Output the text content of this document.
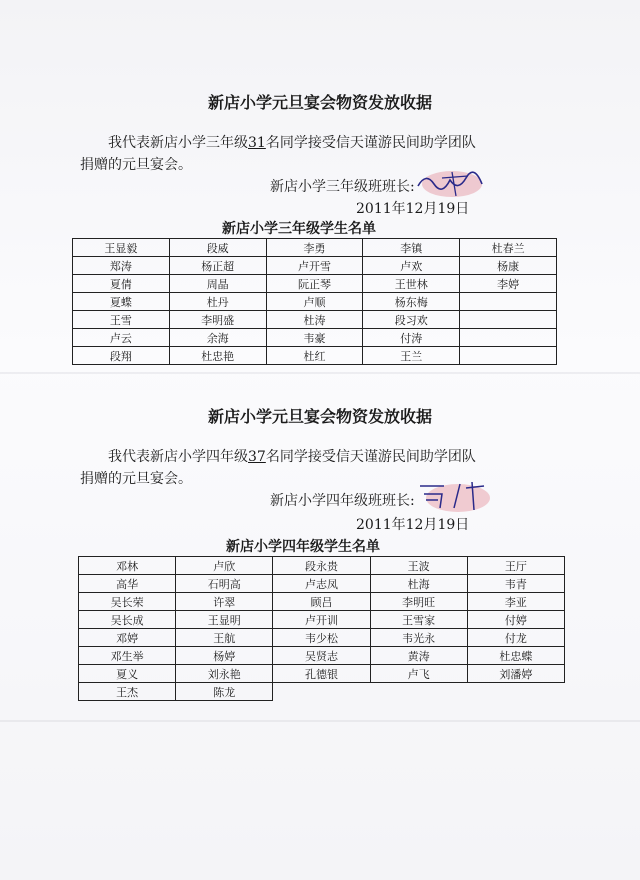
新店小学元旦宴会物资发放收据
我代表新店小学三年级31名同学接受信天谨游民间助学团队
捐赠的元旦宴会。
新店小学三年级班班长:
2011年12月19日
新店小学三年级学生名单
王显毅	段威	李勇	李镇	杜春兰
郑涛	杨正超	卢开雪	卢欢	杨康
夏倩	周晶	阮正琴	王世林	李婷
夏蝶	杜丹	卢顺	杨东梅	
王雪	李明盛	杜涛	段习欢	
卢云	余海	韦豪	付涛	
段翔	杜忠艳	杜红	王兰	
新店小学元旦宴会物资发放收据
我代表新店小学四年级37名同学接受信天谨游民间助学团队
捐赠的元旦宴会。
新店小学四年级班班长:
2011年12月19日
新店小学四年级学生名单
邓林	卢欣	段永贵	王波	王厅
高华	石明高	卢志凤	杜海	韦青
吴长荣	许翠	顾吕	李明旺	李亚
吴长成	王显明	卢开训	王雪家	付婷
邓婷	王航	韦少松	韦光永	付龙
邓生举	杨婷	吴贤志	黄涛	杜忠蝶
夏义	刘永艳	孔德银	卢飞	刘潘婷
王杰	陈龙			
